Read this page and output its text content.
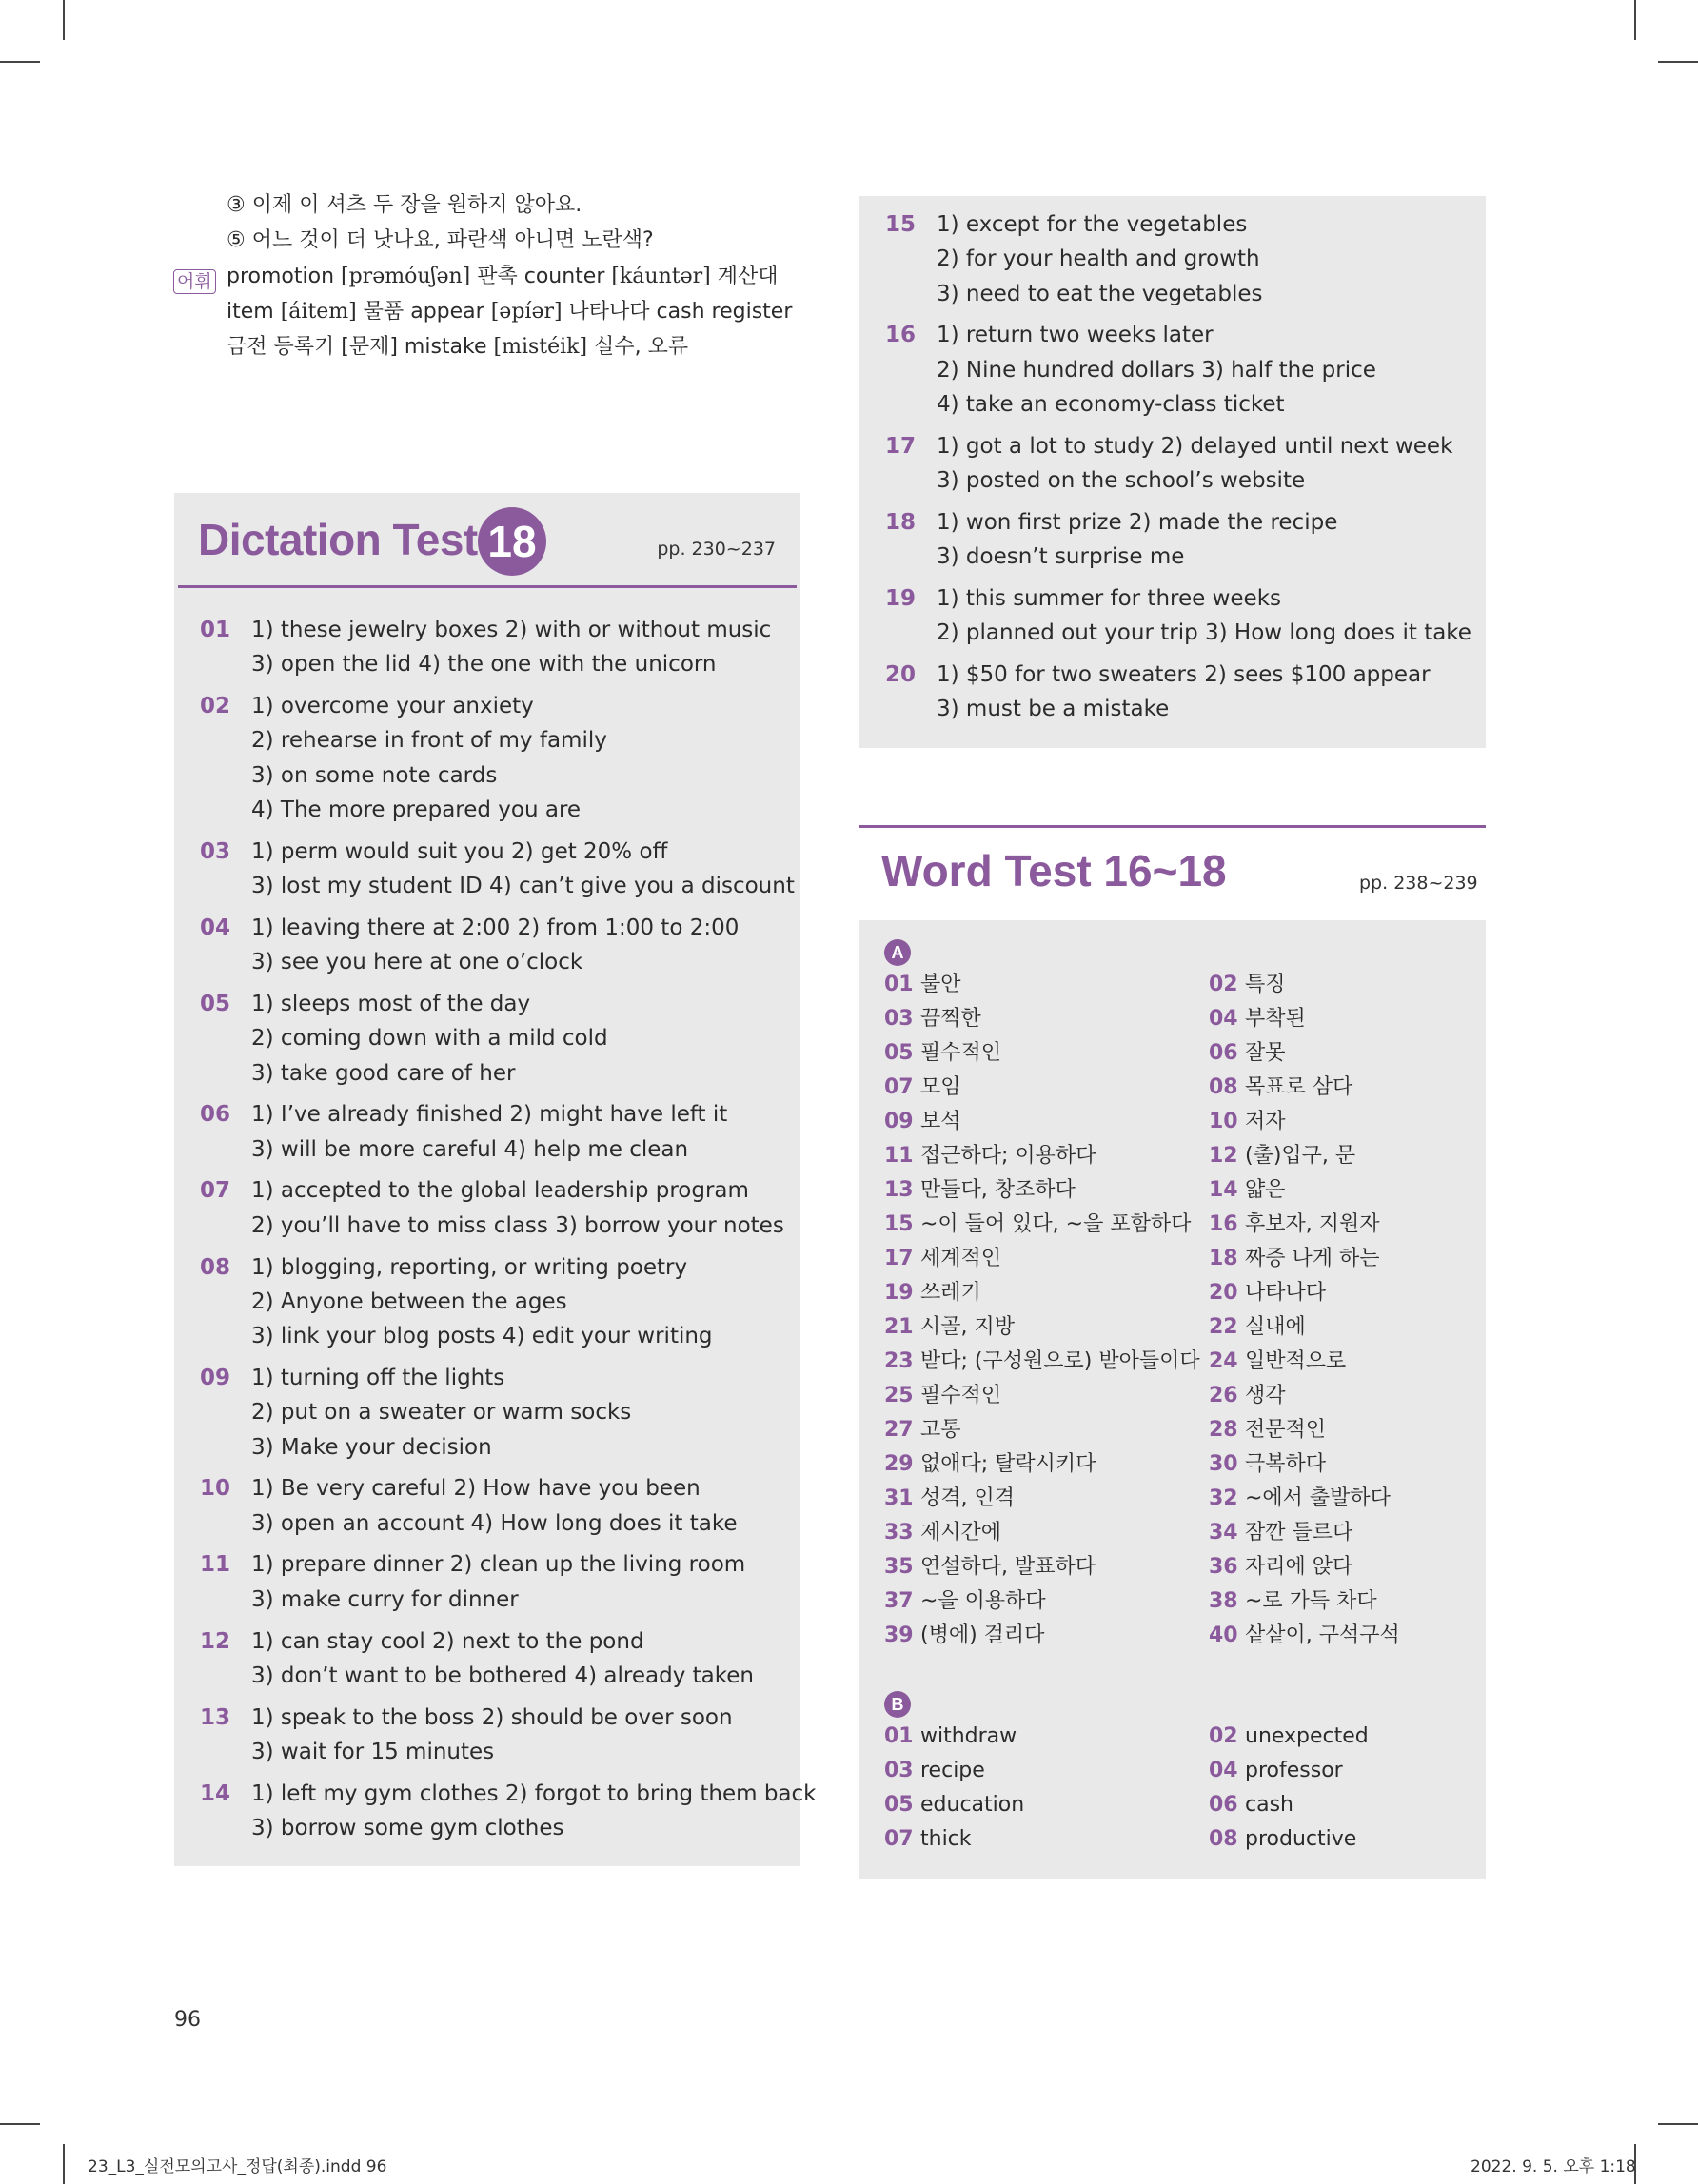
③ 이제 이 셔츠 두 장을 원하지 않아요.
⑤ 어느 것이 더 낫나요, 파란색 아니면 노란색?
어휘 promotion [prəmóuʃən] 판촉 counter [káuntər] 계산대
item [áitem] 물품 appear [əpíər] 나타나다 cash register
금전 등록기 [문제] mistake [mistéik] 실수, 오류
Dictation Test 18	pp. 230~237
01 1) these jewelry boxes 2) with or without music
3) open the lid 4) the one with the unicorn
02 1) overcome your anxiety
2) rehearse in front of my family
3) on some note cards
4) The more prepared you are
03 1) perm would suit you 2) get 20% off
3) lost my student ID 4) can’t give you a discount
04 1) leaving there at 2:00 2) from 1:00 to 2:00
3) see you here at one o’clock
05 1) sleeps most of the day
2) coming down with a mild cold
3) take good care of her
06 1) I’ve already finished 2) might have left it
3) will be more careful 4) help me clean
07 1) accepted to the global leadership program
2) you’ll have to miss class 3) borrow your notes
08 1) blogging, reporting, or writing poetry
2) Anyone between the ages
3) link your blog posts 4) edit your writing
09 1) turning off the lights
2) put on a sweater or warm socks
3) Make your decision
10 1) Be very careful 2) How have you been
3) open an account 4) How long does it take
11 1) prepare dinner 2) clean up the living room
3) make curry for dinner
12 1) can stay cool 2) next to the pond
3) don’t want to be bothered 4) already taken
13 1) speak to the boss 2) should be over soon
3) wait for 15 minutes
14 1) left my gym clothes 2) forgot to bring them back
3) borrow some gym clothes
15 1) except for the vegetables
2) for your health and growth
3) need to eat the vegetables
16 1) return two weeks later
2) Nine hundred dollars 3) half the price
4) take an economy-class ticket
17 1) got a lot to study 2) delayed until next week
3) posted on the school’s website
18 1) won first prize 2) made the recipe
3) doesn’t surprise me
19 1) this summer for three weeks
2) planned out your trip 3) How long does it take
20 1) $50 for two sweaters 2) sees $100 appear
3) must be a mistake
Word Test 16~18	pp. 238~239
A
01 불안	02 특징
03 끔찍한	04 부착된
05 필수적인	06 잘못
07 모임	08 목표로 삼다
09 보석	10 저자
11 접근하다; 이용하다	12 (출)입구, 문
13 만들다, 창조하다	14 얇은
15 ~이 들어 있다, ~을 포함하다 16 후보자, 지원자
17 세계적인	18 짜증 나게 하는
19 쓰레기	20 나타나다
21 시골, 지방	22 실내에
23 받다; (구성원으로) 받아들이다 24 일반적으로
25 필수적인	26 생각
27 고통	28 전문적인
29 없애다; 탈락시키다	30 극복하다
31 성격, 인격	32 ~에서 출발하다
33 제시간에	34 잠깐 들르다
35 연설하다, 발표하다	36 자리에 앉다
37 ~을 이용하다	38 ~로 가득 차다
39 (병에) 걸리다	40 샅샅이, 구석구석
B
01 withdraw	02 unexpected
03 recipe	04 professor
05 education	06 cash
07 thick	08 productive
96
23_L3_실전모의고사_정답(최종).indd 96	2022. 9. 5. 오후 1:18
